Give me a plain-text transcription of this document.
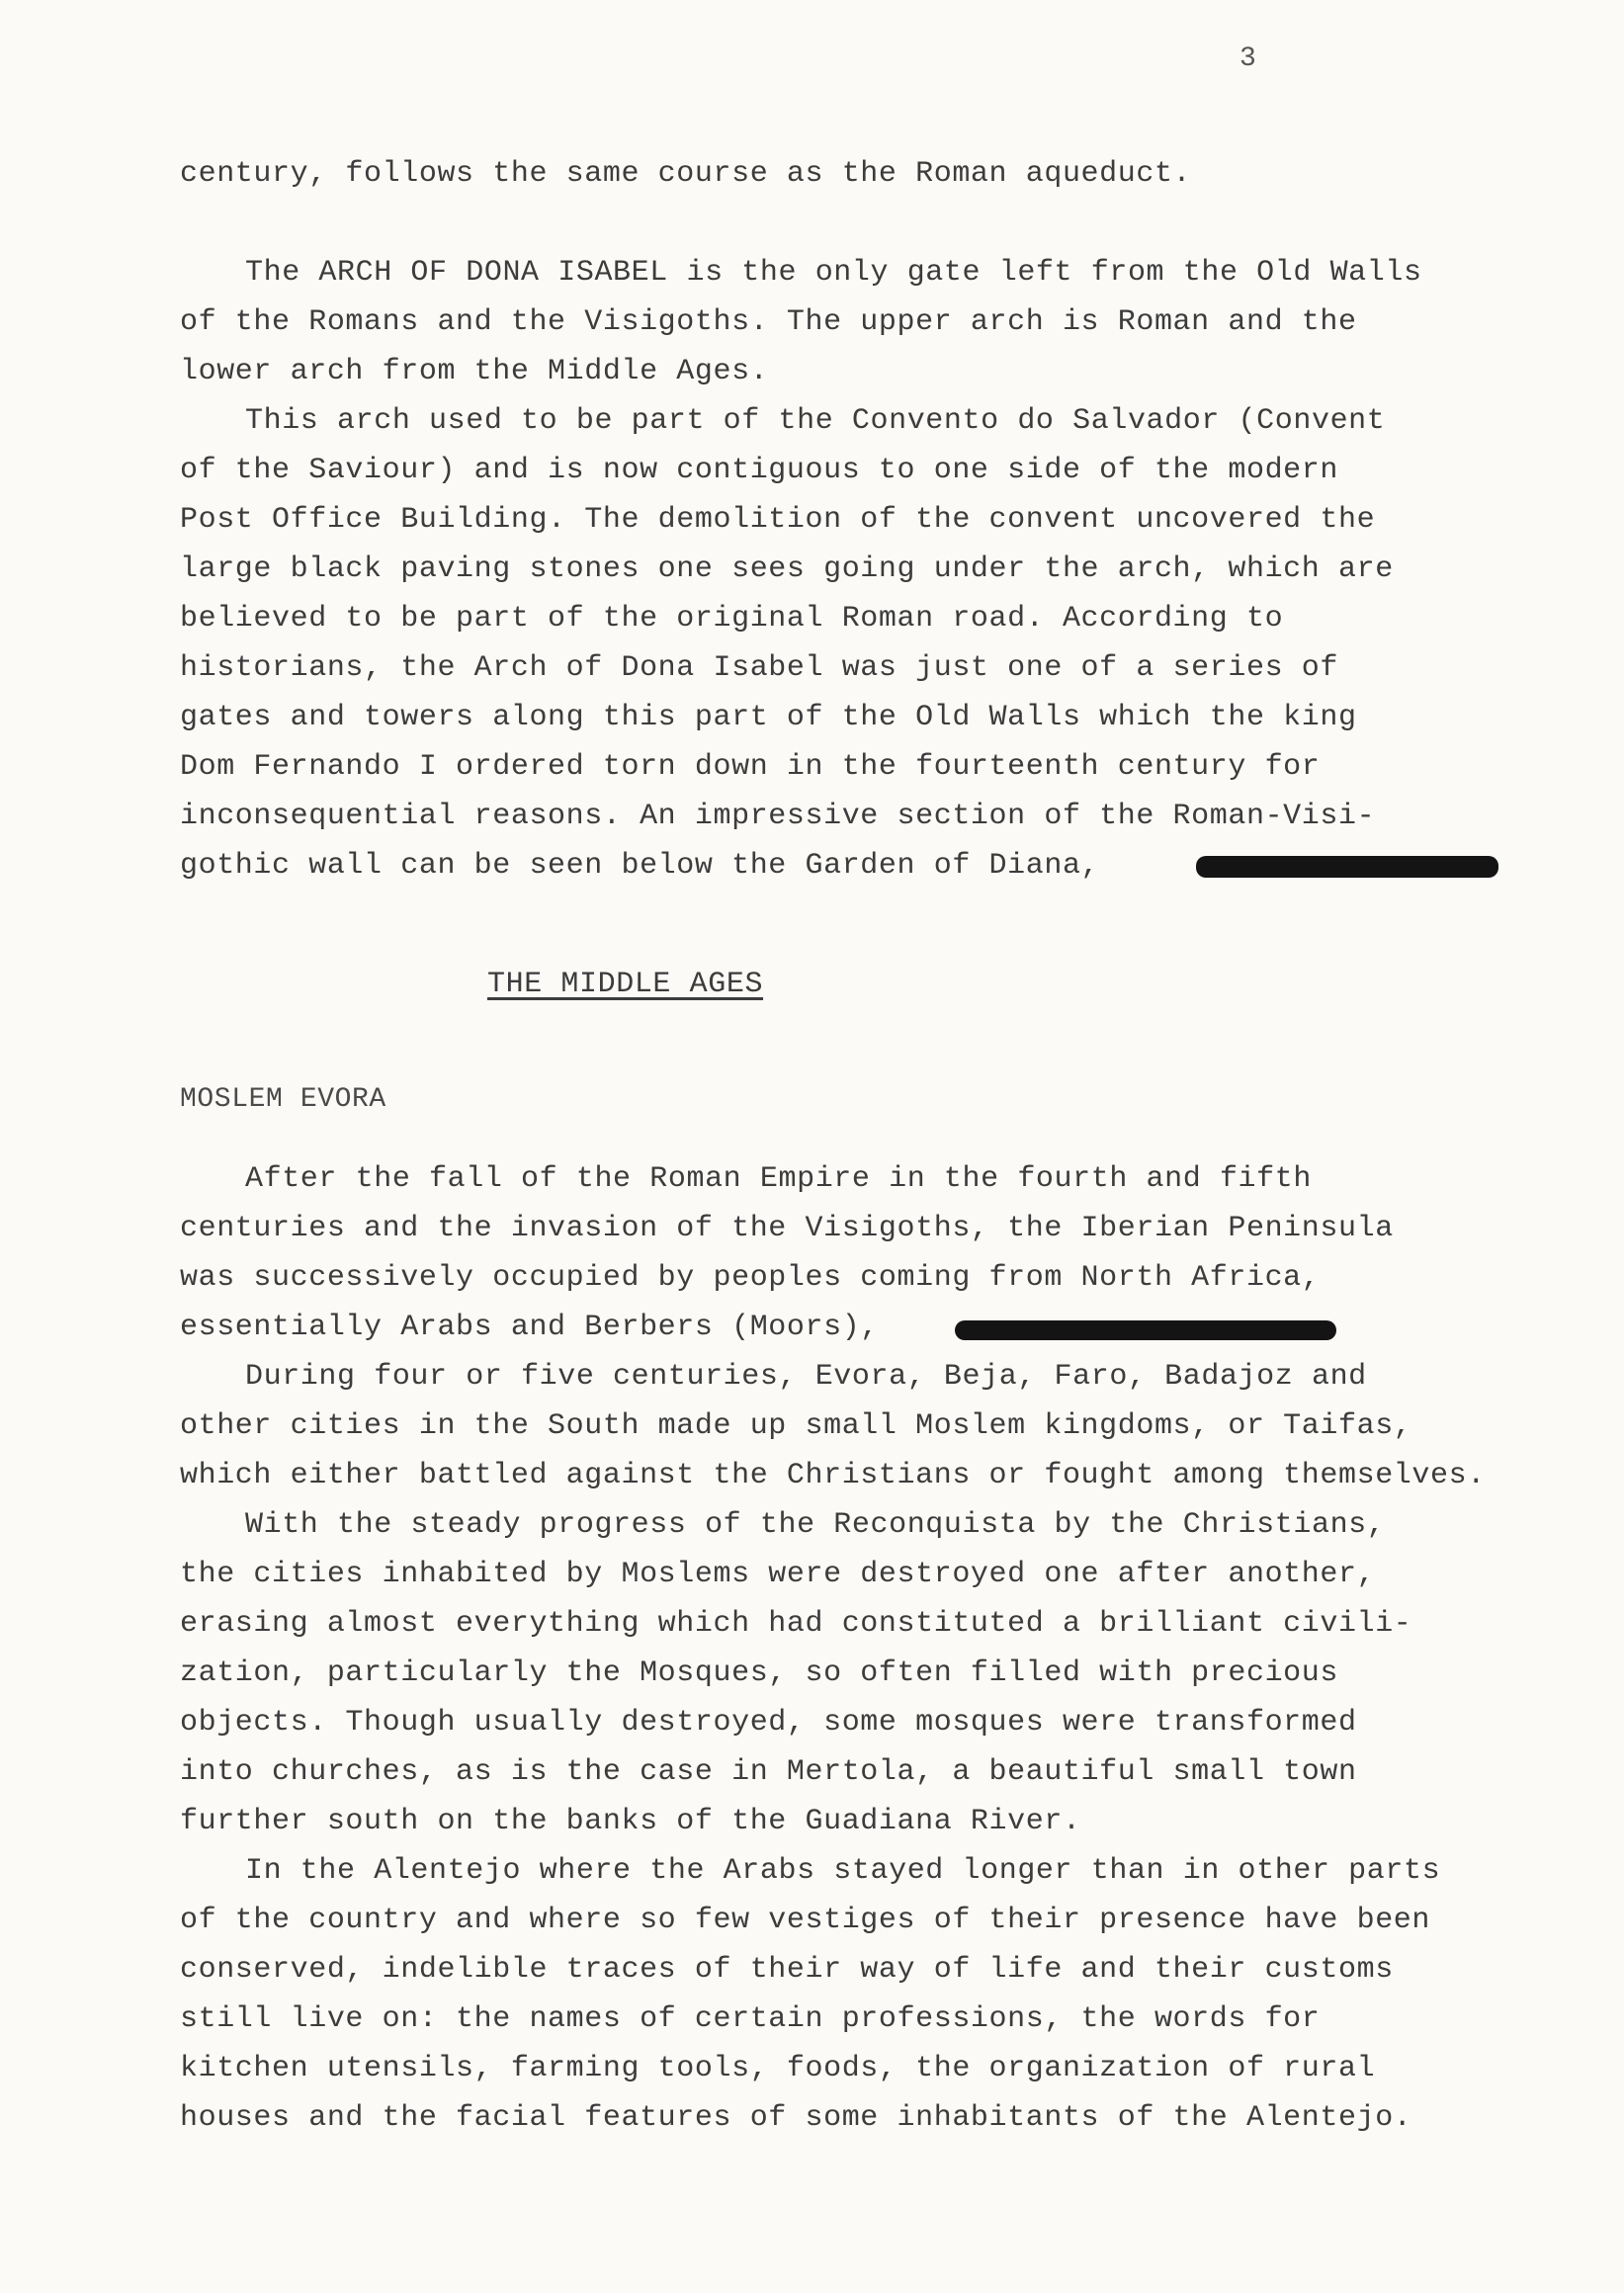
3
century, follows the same course as the Roman aqueduct.
The ARCH OF DONA ISABEL is the only gate left from the Old Walls
of the Romans and the Visigoths. The upper arch is Roman and the
lower arch from the Middle Ages.
This arch used to be part of the Convento do Salvador (Convent
of the Saviour) and is now contiguous to one side of the modern
Post Office Building. The demolition of the convent uncovered the
large black paving stones one sees going under the arch, which are
believed to be part of the original Roman road. According to
historians, the Arch of Dona Isabel was just one of a series of
gates and towers along this part of the Old Walls which the king
Dom Fernando I ordered torn down in the fourteenth century for
inconsequential reasons. An impressive section of the Roman-Visi-
gothic wall can be seen below the Garden of Diana,
THE MIDDLE AGES
MOSLEM EVORA
After the fall of the Roman Empire in the fourth and fifth
centuries and the invasion of the Visigoths, the Iberian Peninsula
was successively occupied by peoples coming from North Africa,
essentially Arabs and Berbers (Moors),
During four or five centuries, Evora, Beja, Faro, Badajoz and
other cities in the South made up small Moslem kingdoms, or Taifas,
which either battled against the Christians or fought among themselves.
With the steady progress of the Reconquista by the Christians,
the cities inhabited by Moslems were destroyed one after another,
erasing almost everything which had constituted a brilliant civili-
zation, particularly the Mosques, so often filled with precious
objects. Though usually destroyed, some mosques were transformed
into churches, as is the case in Mertola, a beautiful small town
further south on the banks of the Guadiana River.
In the Alentejo where the Arabs stayed longer than in other parts
of the country and where so few vestiges of their presence have been
conserved, indelible traces of their way of life and their customs
still live on: the names of certain professions, the words for
kitchen utensils, farming tools, foods, the organization of rural
houses and the facial features of some inhabitants of the Alentejo.
